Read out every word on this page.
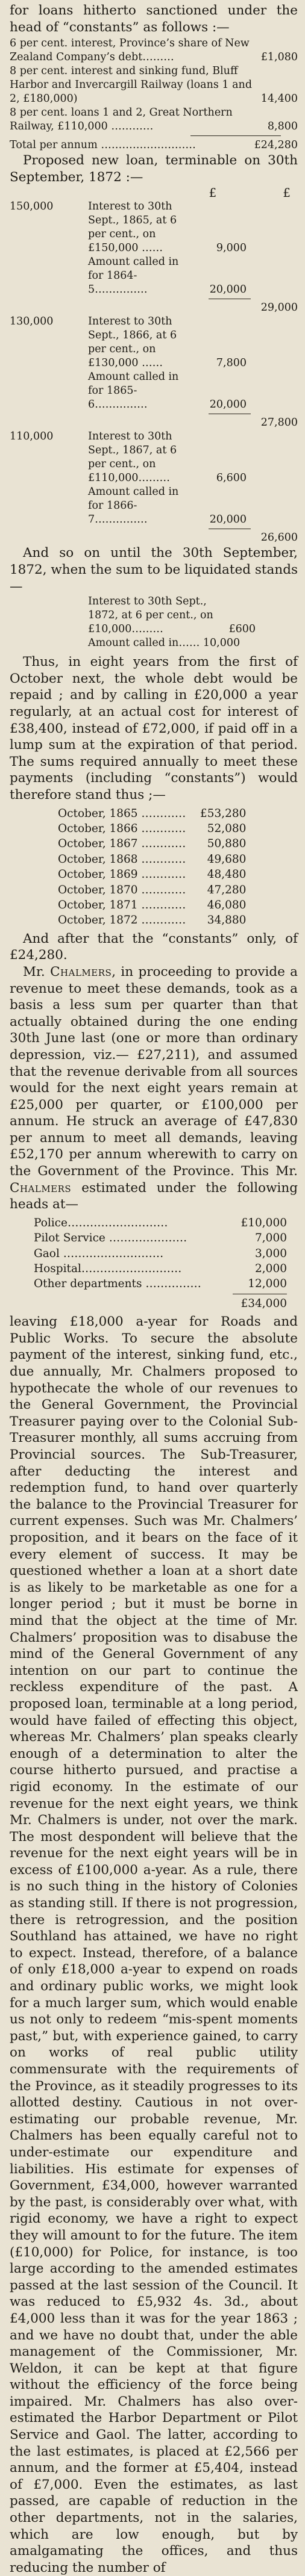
for loans hitherto sanctioned under the head of “constants” as follows :—

6 per cent. interest, Province’s share of New Zealand Company’s debt………	£1,080
8 per cent. interest and sinking fund, Bluff Harbor and Invercargill Railway (loans 1 and 2, £180,000)	14,400
8 per cent. loans 1 and 2, Great Northern Railway, £110,000 …………	8,800
Total per annum ………………………	£24,280

Proposed new loan, terminable on 30th September, 1872 :—

£	£
150,000	Interest to 30th Sept., 1865, at 6 per cent., on £150,000 ……	9,000
Amount called in for 1864-5……………	20,000
29,000
130,000	Interest to 30th Sept., 1866, at 6 per cent., on £130,000 ……	7,800
Amount called in for 1865-6……………	20,000
27,800
110,000	Interest to 30th Sept., 1867, at 6 per cent., on £110,000………	6,600
Amount called in for 1866-7……………	20,000
26,600

And so on until the 30th September, 1872, when the sum to be liquidated stands—

Interest to 30th Sept., 1872, at 6 per cent., on £10,000………	£600
Amount called in…… 10,000

Thus, in eight years from the first of October next, the whole debt would be repaid ; and by calling in £20,000 a year regularly, at an actual cost for interest of £38,400, instead of £72,000, if paid off in a lump sum at the expiration of that period. The sums required annually to meet these payments (including “constants”) would therefore stand thus ;—

October, 1865 …………	£53,280
October, 1866 …………	52,080
October, 1867 …………	50,880
October, 1868 …………	49,680
October, 1869 …………	48,480
October, 1870 …………	47,280
October, 1871 …………	46,080
October, 1872 …………	34,880

And after that the “constants” only, of £24,280.

Mr. Chalmers, in proceeding to provide a revenue to meet these demands, took as a basis a less sum per quarter than that actually obtained during the one ending 30th June last (one or more than ordinary depression, viz.— £27,211), and assumed that the revenue derivable from all sources would for the next eight years remain at £25,000 per quarter, or £100,000 per annum. He struck an average of £47,830 per annum to meet all demands, leaving £52,170 per annum wherewith to carry on the Government of the Province. This Mr. Chalmers estimated under the following heads at—

Police………………………	£10,000
Pilot Service …………………	7,000
Gaol ………………………	3,000
Hospital………………………	2,000
Other departments ……………	12,000
£34,000

leaving £18,000 a-year for Roads and Public Works. To secure the absolute payment of the interest, sinking fund, etc., due annually, Mr. Chalmers proposed to hypothecate the whole of our revenues to the General Government, the Provincial Treasurer paying over to the Colonial Sub-Treasurer monthly, all sums accruing from Provincial sources. The Sub-Treasurer, after deducting the interest and redemption fund, to hand over quarterly the balance to the Provincial Treasurer for current expenses. Such was Mr. Chalmers’ proposition, and it bears on the face of it every element of success. It may be questioned whether a loan at a short date is as likely to be marketable as one for a longer period ; but it must be borne in mind that the object at the time of Mr. Chalmers’ proposition was to disabuse the mind of the General Government of any intention on our part to continue the reckless expenditure of the past. A proposed loan, terminable at a long period, would have failed of effecting this object, whereas Mr. Chalmers’ plan speaks clearly enough of a determination to alter the course hitherto pursued, and practise a rigid economy. In the estimate of our revenue for the next eight years, we think Mr. Chalmers is under, not over the mark. The most despondent will believe that the revenue for the next eight years will be in excess of £100,000 a-year. As a rule, there is no such thing in the history of Colonies as standing still. If there is not progression, there is retrogression, and the position Southland has attained, we have no right to expect. Instead, therefore, of a balance of only £18,000 a-year to expend on roads and ordinary public works, we might look for a much larger sum, which would enable us not only to redeem “mis-spent moments past,” but, with experience gained, to carry on works of real public utility commensurate with the requirements of the Province, as it steadily progresses to its allotted destiny. Cautious in not over-estimating our probable revenue, Mr. Chalmers has been equally careful not to under-estimate our expenditure and liabilities. His estimate for expenses of Government, £34,000, however warranted by the past, is considerably over what, with rigid economy, we have a right to expect they will amount to for the future. The item (£10,000) for Police, for instance, is too large according to the amended estimates passed at the last session of the Council. It was reduced to £5,932 4s. 3d., about £4,000 less than it was for the year 1863 ; and we have no doubt that, under the able management of the Commissioner, Mr. Weldon, it can be kept at that figure without the efficiency of the force being impaired. Mr. Chalmers has also over-estimated the Harbor Department or Pilot Service and Gaol. The latter, according to the last estimates, is placed at £2,566 per annum, and the former at £5,404, instead of £7,000. Even the estimates, as last passed, are capable of reduction in the other departments, not in the salaries, which are low enough, but by amalgamating the offices, and thus reducing the number of
